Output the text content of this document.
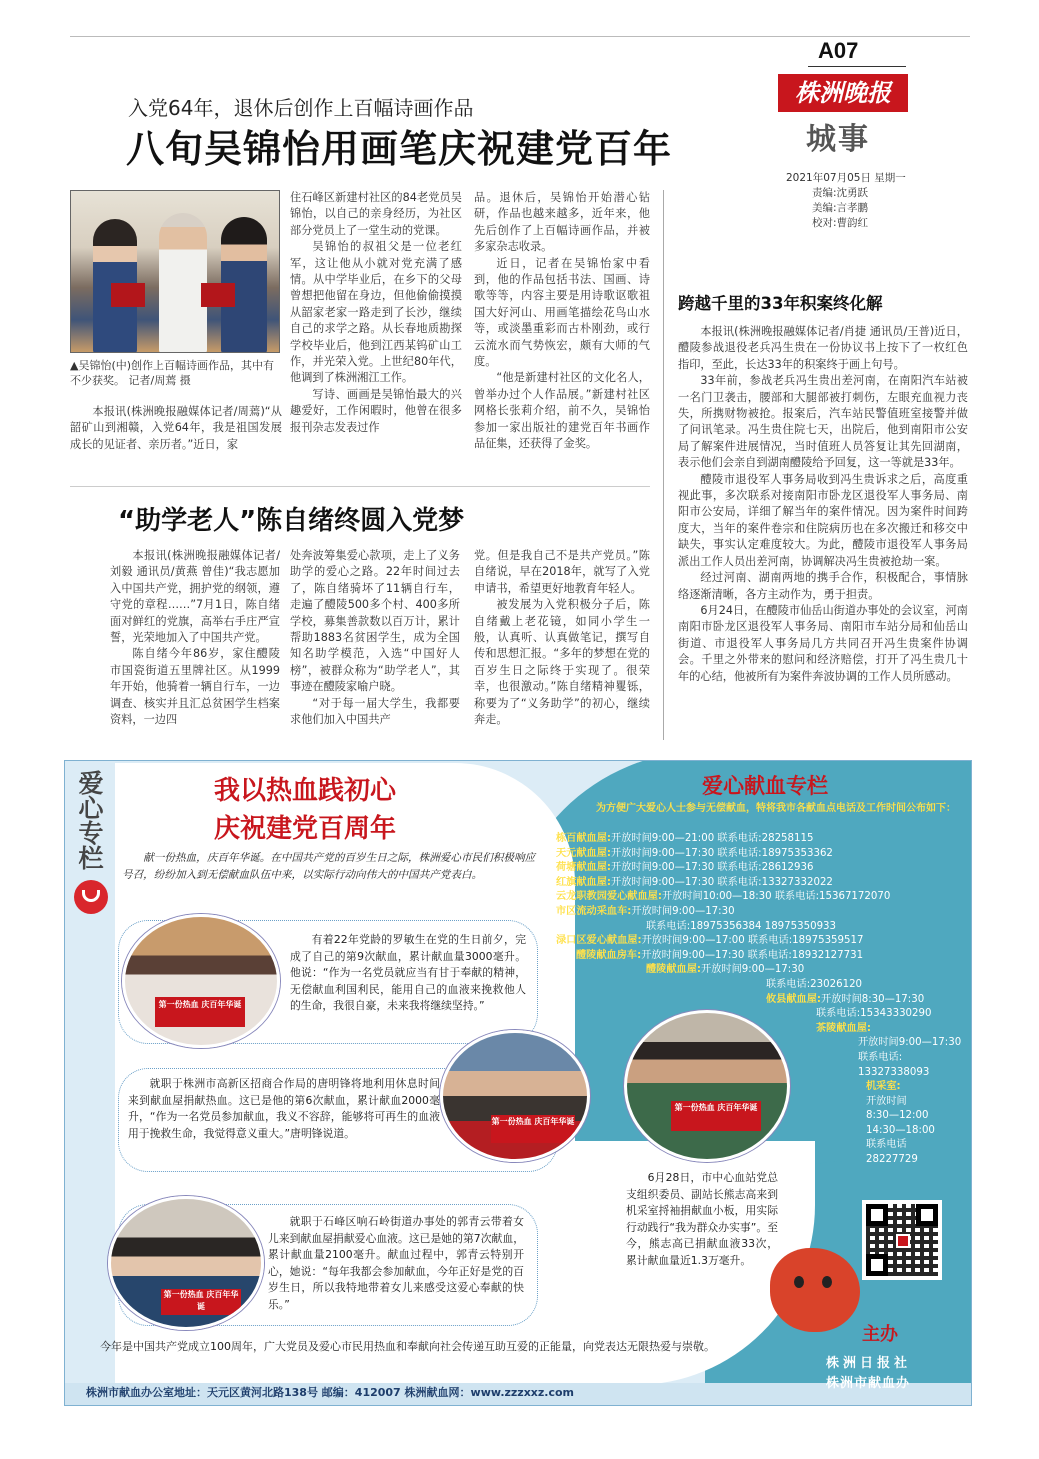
A07
株洲晚报
城事
2021年07月05日 星期一
责编:沈勇跃
美编:言孝鹏
校对:曹韵红
入党64年，退休后创作上百幅诗画作品
八旬吴锦怡用画笔庆祝建党百年
▲吴锦怡(中)创作上百幅诗画作品，其中有不少获奖。 记者/周蔫 摄

本报讯(株洲晚报融媒体记者/周蔫)“从韶矿山到湘赣，入党64年，我是祖国发展成长的见证者、亲历者。”近日，家

住石峰区新建村社区的84老党员吴锦怡，以自己的亲身经历，为社区部分党员上了一堂生动的党课。

吴锦怡的叔祖父是一位老红军，这让他从小就对党充满了感情。从中学毕业后，在乡下的父母曾想把他留在身边，但他偷偷摸摸从韶家老家一路走到了长沙，继续自己的求学之路。从长春地质勘探学校毕业后，他到江西某钨矿山工作，并光荣入党。上世纪80年代，他调到了株洲湘江工作。

写诗、画画是吴锦怡最大的兴趣爱好，工作闲暇时，他曾在很多报刊杂志发表过作

品。退休后，吴锦怡开始潜心钻研，作品也越来越多，近年来，他先后创作了上百幅诗画作品，并被多家杂志收录。

近日，记者在吴锦怡家中看到，他的作品包括书法、国画、诗歌等等，内容主要是用诗歌讴歌祖国大好河山、用画笔描绘花鸟山水等，或淡墨重彩而古朴刚劲，或行云流水而气势恢宏，颇有大师的气度。

“他是新建村社区的文化名人，曾举办过个人作品展。”新建村社区网格长张莉介绍，前不久，吴锦怡参加一家出版社的建党百年书画作品征集，还获得了金奖。

跨越千里的33年积案终化解

本报讯(株洲晚报融媒体记者/肖捷 通讯员/王普)近日，醴陵参战退役老兵冯生贵在一份协议书上按下了一枚红色指印，至此，长达33年的积案终于画上句号。

33年前，参战老兵冯生贵出差河南，在南阳汽车站被一名门卫袭击，腰部和大腿部被打刺伤，左眼充血视力丧失，所携财物被抢。报案后，汽车站民警值班室接警并做了问讯笔录。冯生贵住院七天，出院后，他到南阳市公安局了解案件进展情况，当时值班人员答复让其先回湖南，表示他们会亲自到湖南醴陵给予回复，这一等就是33年。

醴陵市退役军人事务局收到冯生贵诉求之后，高度重视此事，多次联系对接南阳市卧龙区退役军人事务局、南阳市公安局，详细了解当年的案件情况。因为案件时间跨度大，当年的案件卷宗和住院病历也在多次搬迁和移交中缺失，事实认定难度较大。为此，醴陵市退役军人事务局派出工作人员出差河南，协调解决冯生贵被抢劫一案。

经过河南、湖南两地的携手合作，积极配合，事情脉络逐渐清晰，各方主动作为，勇于担责。

6月24日，在醴陵市仙岳山街道办事处的会议室，河南南阳市卧龙区退役军人事务局、南阳市车站分局和仙岳山街道、市退役军人事务局几方共同召开冯生贵案件协调会。千里之外带来的慰问和经济赔偿，打开了冯生贵几十年的心结，他被所有为案件奔波协调的工作人员所感动。

“助学老人”陈自绪终圆入党梦

本报讯(株洲晚报融媒体记者/刘毅 通讯员/黄燕 曾佳)“我志愿加入中国共产党，拥护党的纲领，遵守党的章程……”7月1日，陈自绪面对鲜红的党旗，高举右手庄严宣誓，光荣地加入了中国共产党。

陈自绪今年86岁，家住醴陵市国瓷街道五里牌社区。从1999年开始，他骑着一辆自行车，一边调查、核实并且汇总贫困学生档案资料，一边四

处奔波筹集爱心款项，走上了义务助学的爱心之路。22年时间过去了，陈自绪骑坏了11辆自行车，走遍了醴陵500多个村、400多所学校，募集善款数以百万计，累计帮助1883名贫困学生，成为全国知名助学模范，入选“中国好人榜”，被群众称为“助学老人”，其事迹在醴陵家喻户晓。

“对于每一届大学生，我都要求他们加入中国共产

党。但是我自己不是共产党员。”陈自绪说，早在2018年，就写了入党申请书，希望更好地教育年轻人。

被发展为入党积极分子后，陈自绪戴上老花镜，如同小学生一般，认真听、认真做笔记，撰写自传和思想汇报。“多年的梦想在党的百岁生日之际终于实现了。很荣幸，也很激动。”陈自绪精神矍铄，称要为了“义务助学”的初心，继续奔走。

爱心专栏	我以热血践初心
庆祝建党百周年
献一份热血，庆百年华诞。在中国共产党的百岁生日之际，株洲爱心市民们积极响应号召，纷纷加入到无偿献血队伍中来，以实际行动向伟大的中国共产党表白。
第一份热血 庆百年华诞
有着22年党龄的罗敏生在党的生日前夕，完成了自己的第9次献血，累计献血量3000毫升。他说：“作为一名党员就应当有甘于奉献的精神，无偿献血利国利民，能用自己的血液来挽救他人的生命，我很自豪，未来我将继续坚持。”
就职于株洲市高新区招商合作局的唐明锋将地利用休息时间来到献血屋捐献热血。这已是他的第6次献血，累计献血2000毫升，“作为一名党员参加献血，我义不容辞，能够将可再生的血液用于挽救生命，我觉得意义重大。”唐明锋说道。
第一份热血 庆百年华诞
第一份热血 庆百年华诞
就职于石峰区响石岭街道办事处的郭青云带着女儿来到献血屋捐献爱心血液。这已是她的第7次献血，累计献血量2100毫升。献血过程中，郭青云特别开心，她说：“每年我都会参加献血，今年正好是党的百岁生日，所以我特地带着女儿来感受这爱心奉献的快乐。”
第一份热血 庆百年华诞
6月28日，市中心血站党总支组织委员、副站长熊志高来到机采室捋袖捐献血小板，用实际行动践行“我为群众办实事”。至今，熊志高已捐献血液33次，累计献血量近1.3万毫升。
今年是中国共产党成立100周年，广大党员及爱心市民用热血和奉献向社会传递互助互爱的正能量，向党表达无限热爱与崇敬。
爱心献血专栏
为方便广大爱心人士参与无偿献血，特将我市各献血点电话及工作时间公布如下：
栋百献血屋:开放时间9:00—21:00 联系电话:28258115
天元献血屋:开放时间9:00—17:30 联系电话:18975353362
荷塘献血屋:开放时间9:00—17:30 联系电话:28612936
红旗献血屋:开放时间9:00—17:30 联系电话:13327332022
云龙职教园爱心献血屋:开放时间10:00—18:30 联系电话:15367172070
市区流动采血车:开放时间9:00—17:30
联系电话:18975356384 18975350933
渌口区爱心献血屋:开放时间9:00—17:00 联系电话:18975359517
醴陵献血房车:开放时间9:00—17:30 联系电话:18932127731
醴陵献血屋:开放时间9:00—17:30
联系电话:23026120
攸县献血屋:开放时间8:30—17:30
联系电话:15343330290
茶陵献血屋:
开放时间9:00—17:30
联系电话:
13327338093
机采室:
开放时间
8:30—12:00
14:30—18:00
联系电话
28227729
主办
株洲日报社
株洲市献血办
株洲市献血办公室地址：天元区黄河北路138号 邮编：412007 株洲献血网：www.zzzxxz.com
